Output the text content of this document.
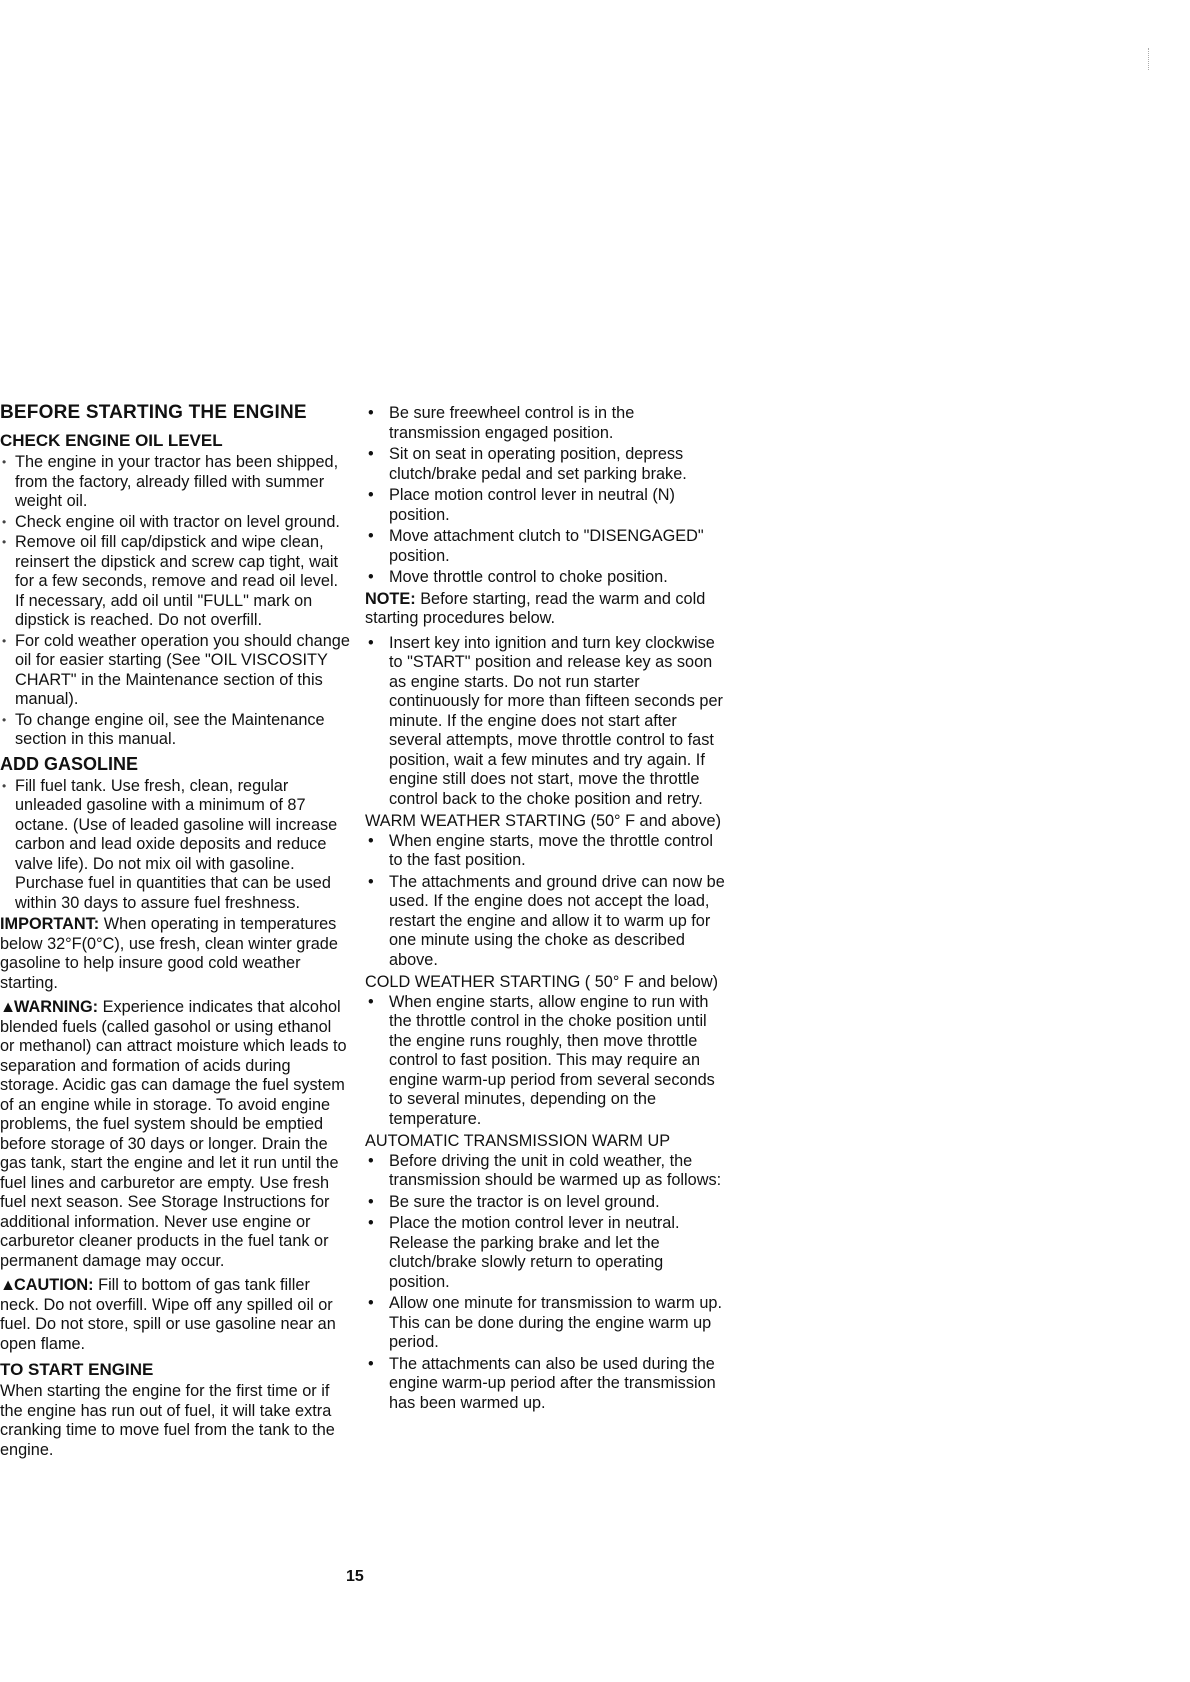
BEFORE STARTING THE ENGINE
CHECK ENGINE OIL LEVEL
• The engine in your tractor has been shipped, from the factory, already filled with summer weight oil.
• Check engine oil with tractor on level ground.
• Remove oil fill cap/dipstick and wipe clean, reinsert the dipstick and screw cap tight, wait for a few seconds, remove and read oil level. If necessary, add oil until "FULL" mark on dipstick is reached. Do not overfill.
• For cold weather operation you should change oil for easier starting (See "OIL VISCOSITY CHART" in the Maintenance section of this manual).
• To change engine oil, see the Maintenance section in this manual.
ADD GASOLINE
• Fill fuel tank. Use fresh, clean, regular unleaded gasoline with a minimum of 87 octane. (Use of leaded gasoline will increase carbon and lead oxide deposits and reduce valve life). Do not mix oil with gasoline. Purchase fuel in quantities that can be used within 30 days to assure fuel freshness.

IMPORTANT: When operating in temperatures below 32°F(0°C), use fresh, clean winter grade gasoline to help insure good cold weather starting.

▲WARNING: Experience indicates that alcohol blended fuels (called gasohol or using ethanol or methanol) can attract moisture which leads to separation and formation of acids during storage. Acidic gas can damage the fuel system of an engine while in storage. To avoid engine problems, the fuel system should be emptied before storage of 30 days or longer. Drain the gas tank, start the engine and let it run until the fuel lines and carburetor are empty. Use fresh fuel next season. See Storage Instructions for additional information. Never use engine or carburetor cleaner products in the fuel tank or permanent damage may occur.

▲CAUTION: Fill to bottom of gas tank filler neck. Do not overfill. Wipe off any spilled oil or fuel. Do not store, spill or use gasoline near an open flame.

TO START ENGINE

When starting the engine for the first time or if the engine has run out of fuel, it will take extra cranking time to move fuel from the tank to the engine.

• Be sure freewheel control is in the transmission engaged position.
• Sit on seat in operating position, depress clutch/brake pedal and set parking brake.
• Place motion control lever in neutral (N) position.
• Move attachment clutch to "DISENGAGED" position.
• Move throttle control to choke position.

NOTE: Before starting, read the warm and cold starting procedures below.

• Insert key into ignition and turn key clockwise to "START" position and release key as soon as engine starts. Do not run starter continuously for more than fifteen seconds per minute. If the engine does not start after several attempts, move throttle control to fast position, wait a few minutes and try again. If engine still does not start, move the throttle control back to the choke position and retry.
WARM WEATHER STARTING (50° F and above)
• When engine starts, move the throttle control to the fast position.
• The attachments and ground drive can now be used. If the engine does not accept the load, restart the engine and allow it to warm up for one minute using the choke as described above.
COLD WEATHER STARTING ( 50° F and below)
• When engine starts, allow engine to run with the throttle control in the choke position until the engine runs roughly, then move throttle control to fast position. This may require an engine warm-up period from several seconds to several minutes, depending on the temperature.
AUTOMATIC TRANSMISSION WARM UP
• Before driving the unit in cold weather, the transmission should be warmed up as follows:
• Be sure the tractor is on level ground.
• Place the motion control lever in neutral. Release the parking brake and let the clutch/brake slowly return to operating position.
• Allow one minute for transmission to warm up. This can be done during the engine warm up period.
• The attachments can also be used during the engine warm-up period after the transmission has been warmed up.
15
